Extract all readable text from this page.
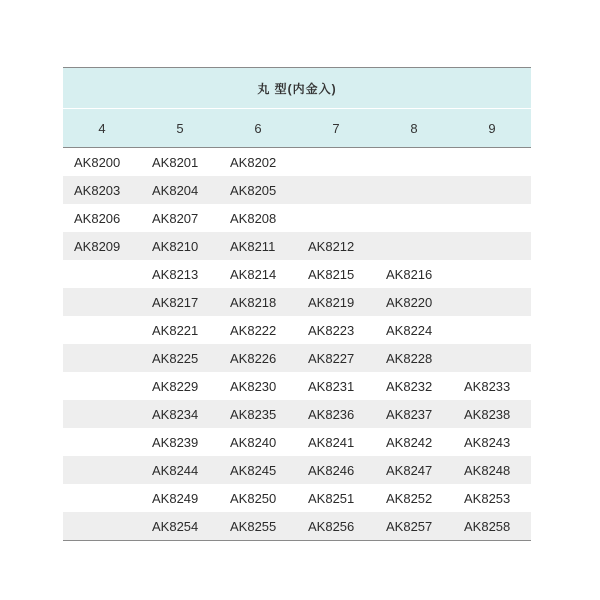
丸 型(内金入)					
4	5	6	7	8	9
AK8200	AK8201	AK8202			
AK8203	AK8204	AK8205			
AK8206	AK8207	AK8208			
AK8209	AK8210	AK8211	AK8212		
	AK8213	AK8214	AK8215	AK8216	
	AK8217	AK8218	AK8219	AK8220	
	AK8221	AK8222	AK8223	AK8224	
	AK8225	AK8226	AK8227	AK8228	
	AK8229	AK8230	AK8231	AK8232	AK8233
	AK8234	AK8235	AK8236	AK8237	AK8238
	AK8239	AK8240	AK8241	AK8242	AK8243
	AK8244	AK8245	AK8246	AK8247	AK8248
	AK8249	AK8250	AK8251	AK8252	AK8253
	AK8254	AK8255	AK8256	AK8257	AK8258
